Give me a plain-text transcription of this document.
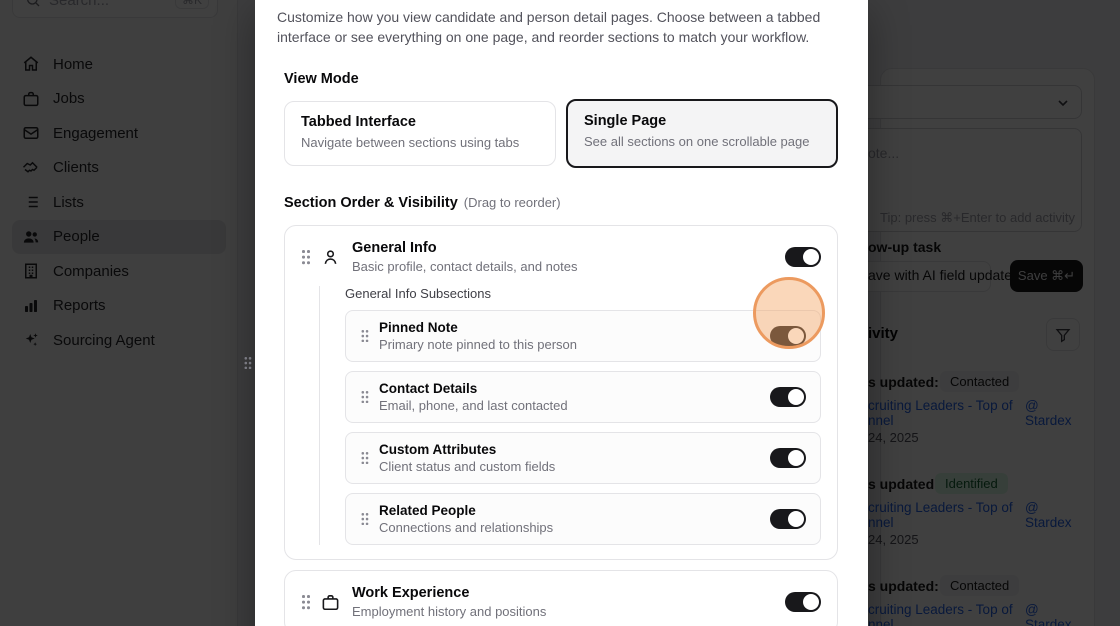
Customize how you view candidate and person detail pages. Choose between a tabbed interface or see everything on one page, and reorder sections to match your workflow.
View Mode
Tabbed Interface
Navigate between sections using tabs
Single Page
See all sections on one scrollable page
Section Order & Visibility (Drag to reorder)
General Info
Basic profile, contact details, and notes
General Info Subsections
Pinned Note
Primary note pinned to this person
Contact Details
Email, phone, and last contacted
Custom Attributes
Client status and custom fields
Related People
Connections and relationships
Work Experience
Employment history and positions
